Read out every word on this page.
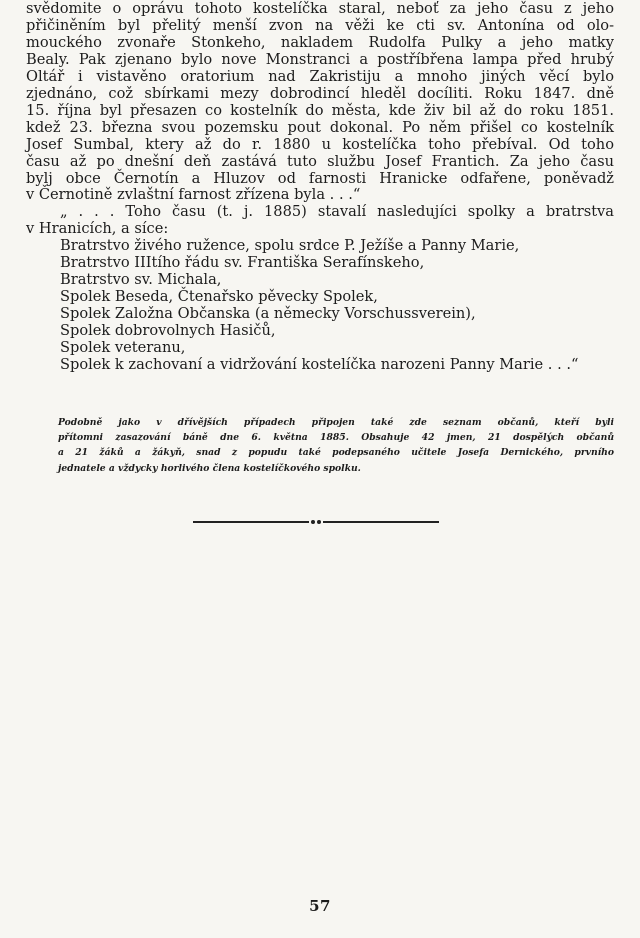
svědomite o oprávu tohoto kostelíčka staral, neboť za jeho času z jeho
přičiněním byl přelitý menší zvon na věži ke cti sv. Antonína od olo-
mouckého zvonaře Stonkeho, nakladem Rudolfa Pulky a jeho matky
Bealy. Pak zjenano bylo nove Monstranci a postříbřena lampa před hrubý
Oltář i vistavěno oratorium nad Zakristiju a mnoho jiných věcí bylo
zjednáno, což sbírkami mezy dobrodincí hleděl docíliti. Roku 1847. dně
15. října byl přesazen co kostelník do města, kde živ bil až do roku 1851.
kdež 23. března svou pozemsku pout dokonal. Po něm přišel co kostelník
Josef Sumbal, ktery až do r. 1880 u kostelíčka toho přebíval. Od toho
času až po dnešní deň zastává tuto službu Josef Frantich. Za jeho času
bylj obce Černotín a Hluzov od farnosti Hranicke odfařene, poněvadž
v Černotině zvlaštní farnost zřízena byla . . .“
„ . . . Toho času (t. j. 1885) stavalí nasledujíci spolky a bratrstva
v Hranicích, a síce:
Bratrstvo živého ružence, spolu srdce P. Ježíše a Panny Marie,
Bratrstvo IIItího řádu sv. Františka Serafínskeho,
Bratrstvo sv. Michala,
Spolek Beseda, Čtenařsko pěvecky Spolek,
Spolek Založna Občanska (a německy Vorschussverein),
Spolek dobrovolnych Hasičů,
Spolek veteranu,
Spolek k zachovaní a vidržování kostelíčka narozeni Panny Marie . . .“
Podobně jako v dřívějších případech připojen také zde seznam občanů, kteří byli
přítomni zasazování báně dne 6. května 1885. Obsahuje 42 jmen, 21 dospělých občanů
a 21 žáků a žákyň, snad z popudu také podepsaného učitele Josefa Dernického, prvního
jednatele a vždycky horlivého člena kostelíčkového spolku.
57
